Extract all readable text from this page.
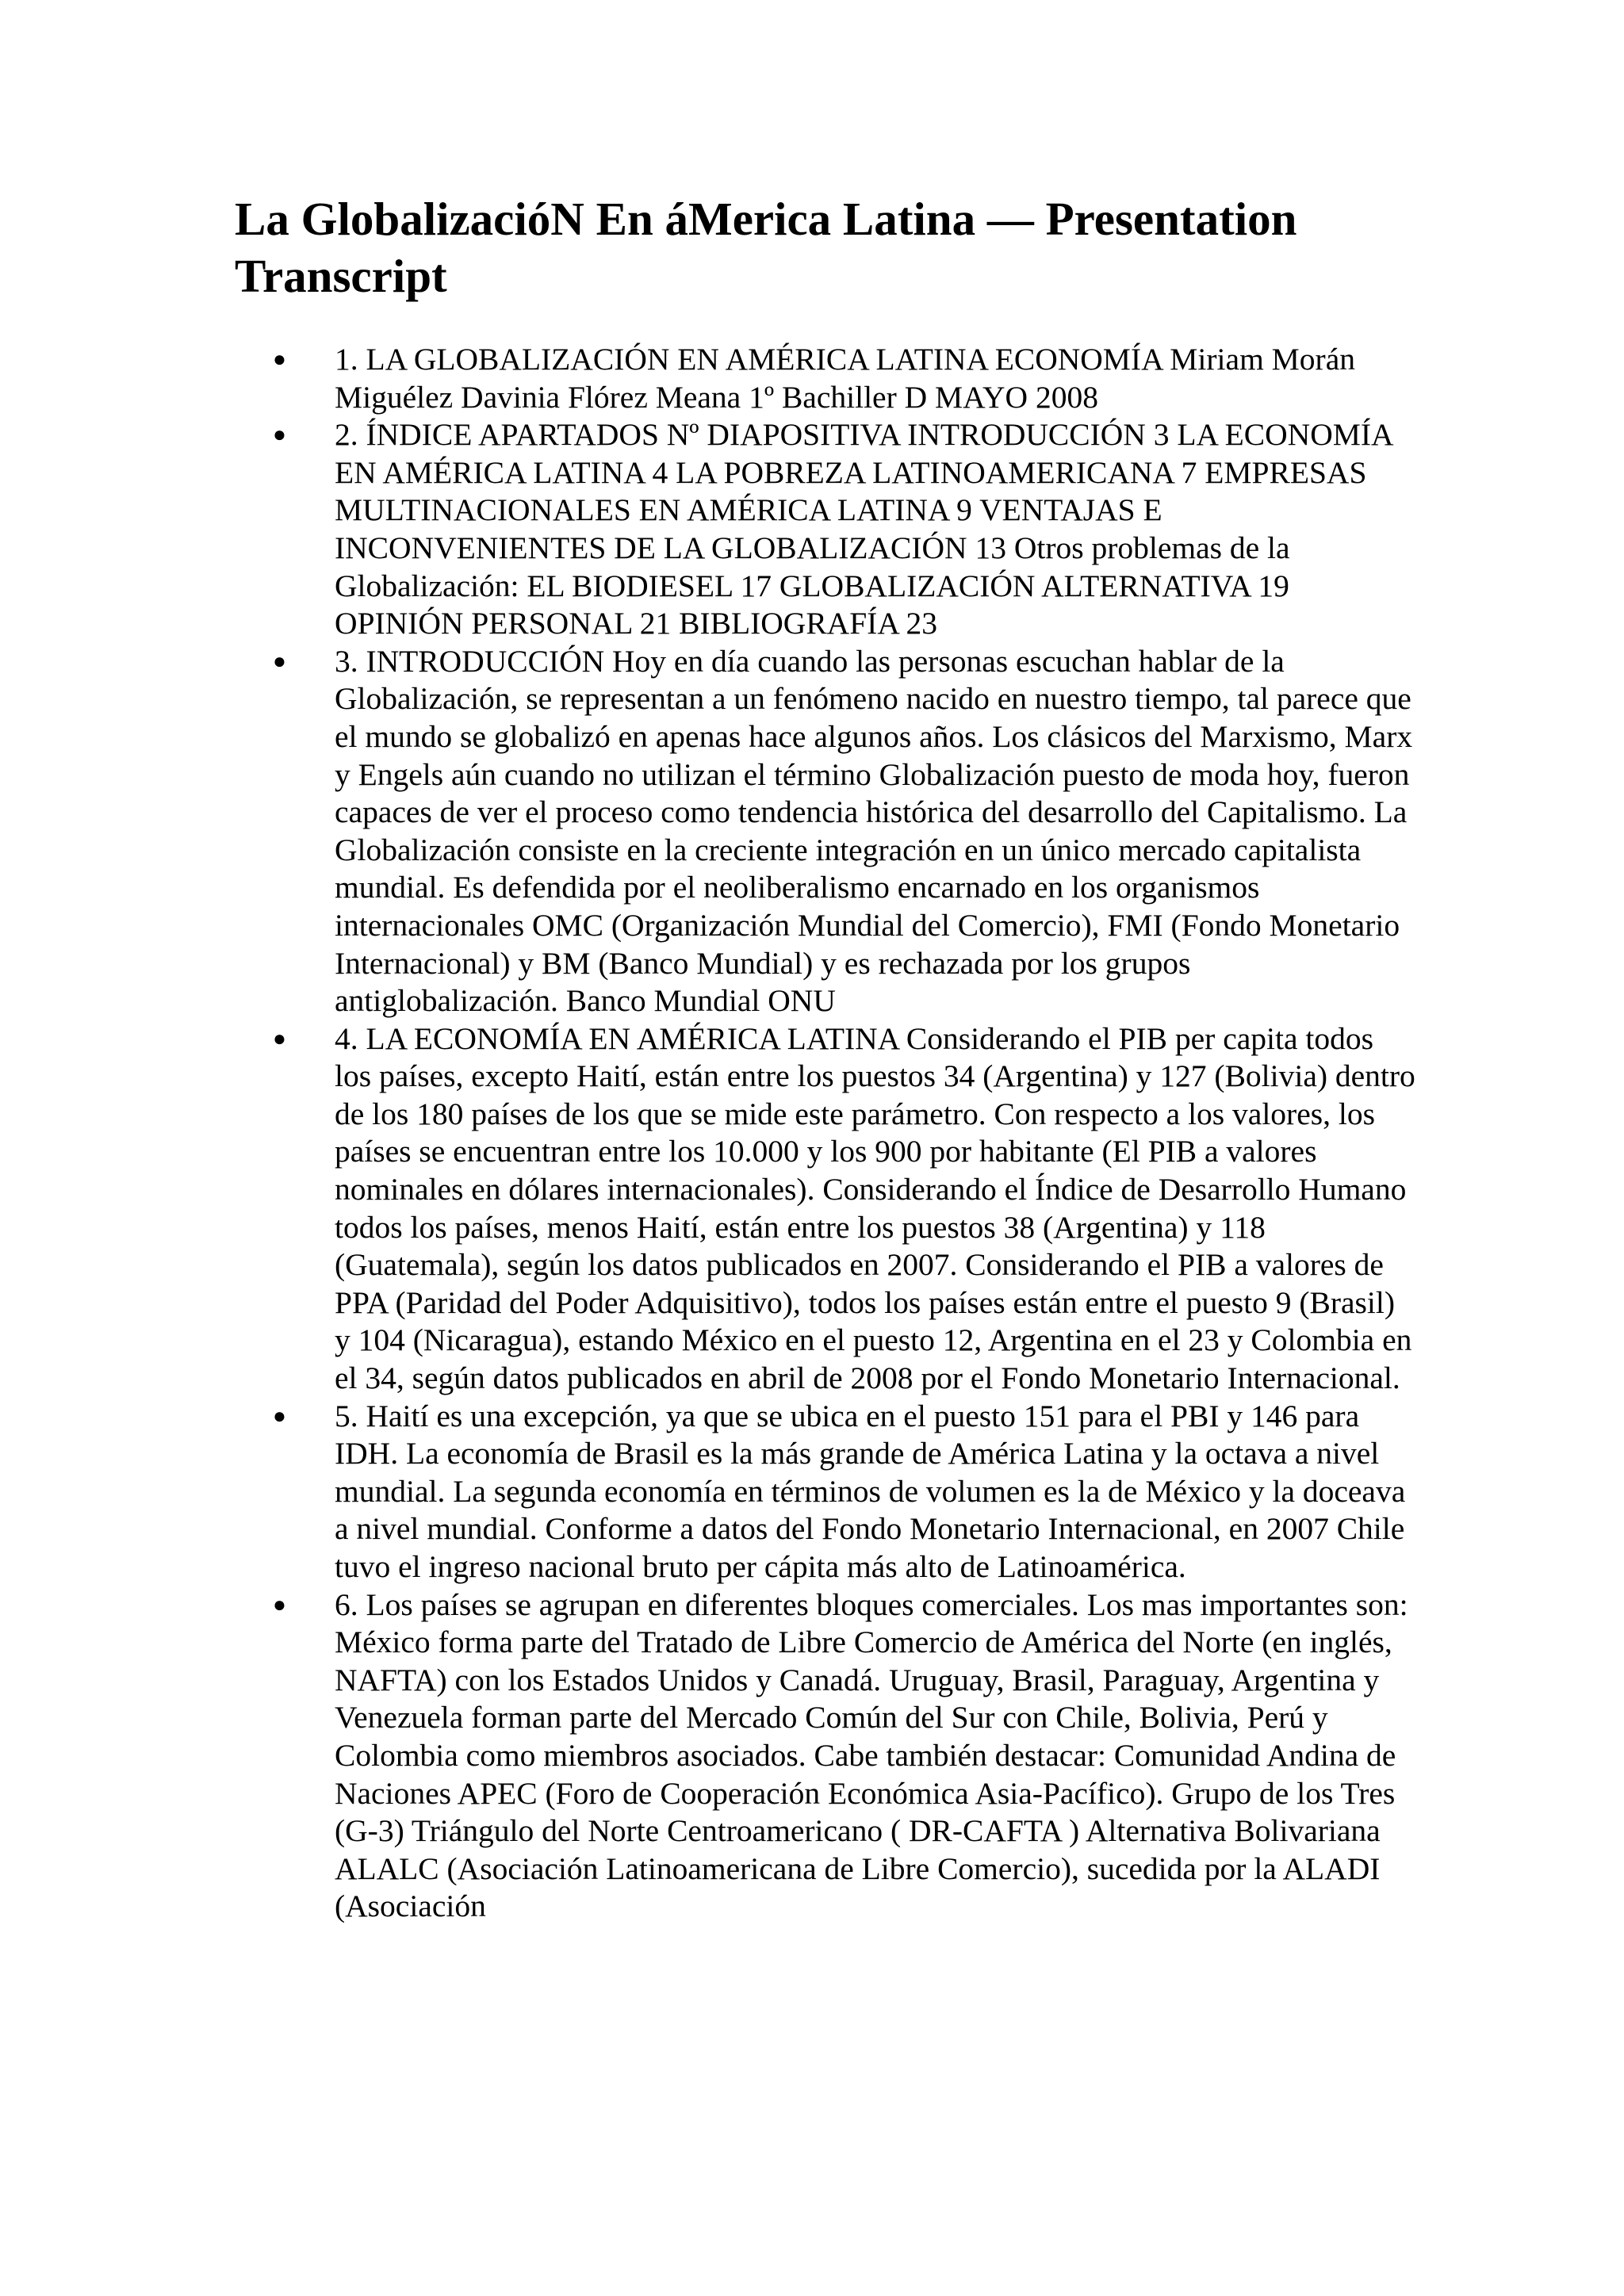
La GlobalizacióN En áMerica Latina — Presentation Transcript
● 1. LA GLOBALIZACIÓN EN AMÉRICA LATINA ECONOMÍA Miriam Morán Miguélez Davinia Flórez Meana 1º Bachiller D MAYO 2008
● 2. ÍNDICE APARTADOS Nº DIAPOSITIVA INTRODUCCIÓN 3 LA ECONOMÍA EN AMÉRICA LATINA 4 LA POBREZA LATINOAMERICANA 7 EMPRESAS MULTINACIONALES EN AMÉRICA LATINA 9 VENTAJAS E INCONVENIENTES DE LA GLOBALIZACIÓN 13 Otros problemas de la Globalización: EL BIODIESEL 17 GLOBALIZACIÓN ALTERNATIVA 19 OPINIÓN PERSONAL 21 BIBLIOGRAFÍA 23
● 3. INTRODUCCIÓN Hoy en día cuando las personas escuchan hablar de la Globalización, se representan a un fenómeno nacido en nuestro tiempo, tal parece que el mundo se globalizó en apenas hace algunos años. Los clásicos del Marxismo, Marx y Engels aún cuando no utilizan el término Globalización puesto de moda hoy, fueron capaces de ver el proceso como tendencia histórica del desarrollo del Capitalismo. La Globalización consiste en la creciente integración en un único mercado capitalista mundial. Es defendida por el neoliberalismo encarnado en los organismos internacionales OMC (Organización Mundial del Comercio), FMI (Fondo Monetario Internacional) y BM (Banco Mundial) y es rechazada por los grupos antiglobalización. Banco Mundial ONU
● 4. LA ECONOMÍA EN AMÉRICA LATINA Considerando el PIB per capita todos los países, excepto Haití, están entre los puestos 34 (Argentina) y 127 (Bolivia) dentro de los 180 países de los que se mide este parámetro. Con respecto a los valores, los países se encuentran entre los 10.000 y los 900 por habitante (El PIB a valores nominales en dólares internacionales). Considerando el Índice de Desarrollo Humano todos los países, menos Haití, están entre los puestos 38 (Argentina) y 118 (Guatemala), según los datos publicados en 2007. Considerando el PIB a valores de PPA (Paridad del Poder Adquisitivo), todos los países están entre el puesto 9 (Brasil) y 104 (Nicaragua), estando México en el puesto 12, Argentina en el 23 y Colombia en el 34, según datos publicados en abril de 2008 por el Fondo Monetario Internacional.
● 5. Haití es una excepción, ya que se ubica en el puesto 151 para el PBI y 146 para IDH. La economía de Brasil es la más grande de América Latina y la octava a nivel mundial. La segunda economía en términos de volumen es la de México y la doceava a nivel mundial. Conforme a datos del Fondo Monetario Internacional, en 2007 Chile tuvo el ingreso nacional bruto per cápita más alto de Latinoamérica.
● 6. Los países se agrupan en diferentes bloques comerciales. Los mas importantes son: México forma parte del Tratado de Libre Comercio de América del Norte (en inglés, NAFTA) con los Estados Unidos y Canadá. Uruguay, Brasil, Paraguay, Argentina y Venezuela forman parte del Mercado Común del Sur con Chile, Bolivia, Perú y Colombia como miembros asociados. Cabe también destacar: Comunidad Andina de Naciones APEC (Foro de Cooperación Económica Asia-Pacífico). Grupo de los Tres (G-3) Triángulo del Norte Centroamericano ( DR-CAFTA ) Alternativa Bolivariana ALALC (Asociación Latinoamericana de Libre Comercio), sucedida por la ALADI (Asociación
